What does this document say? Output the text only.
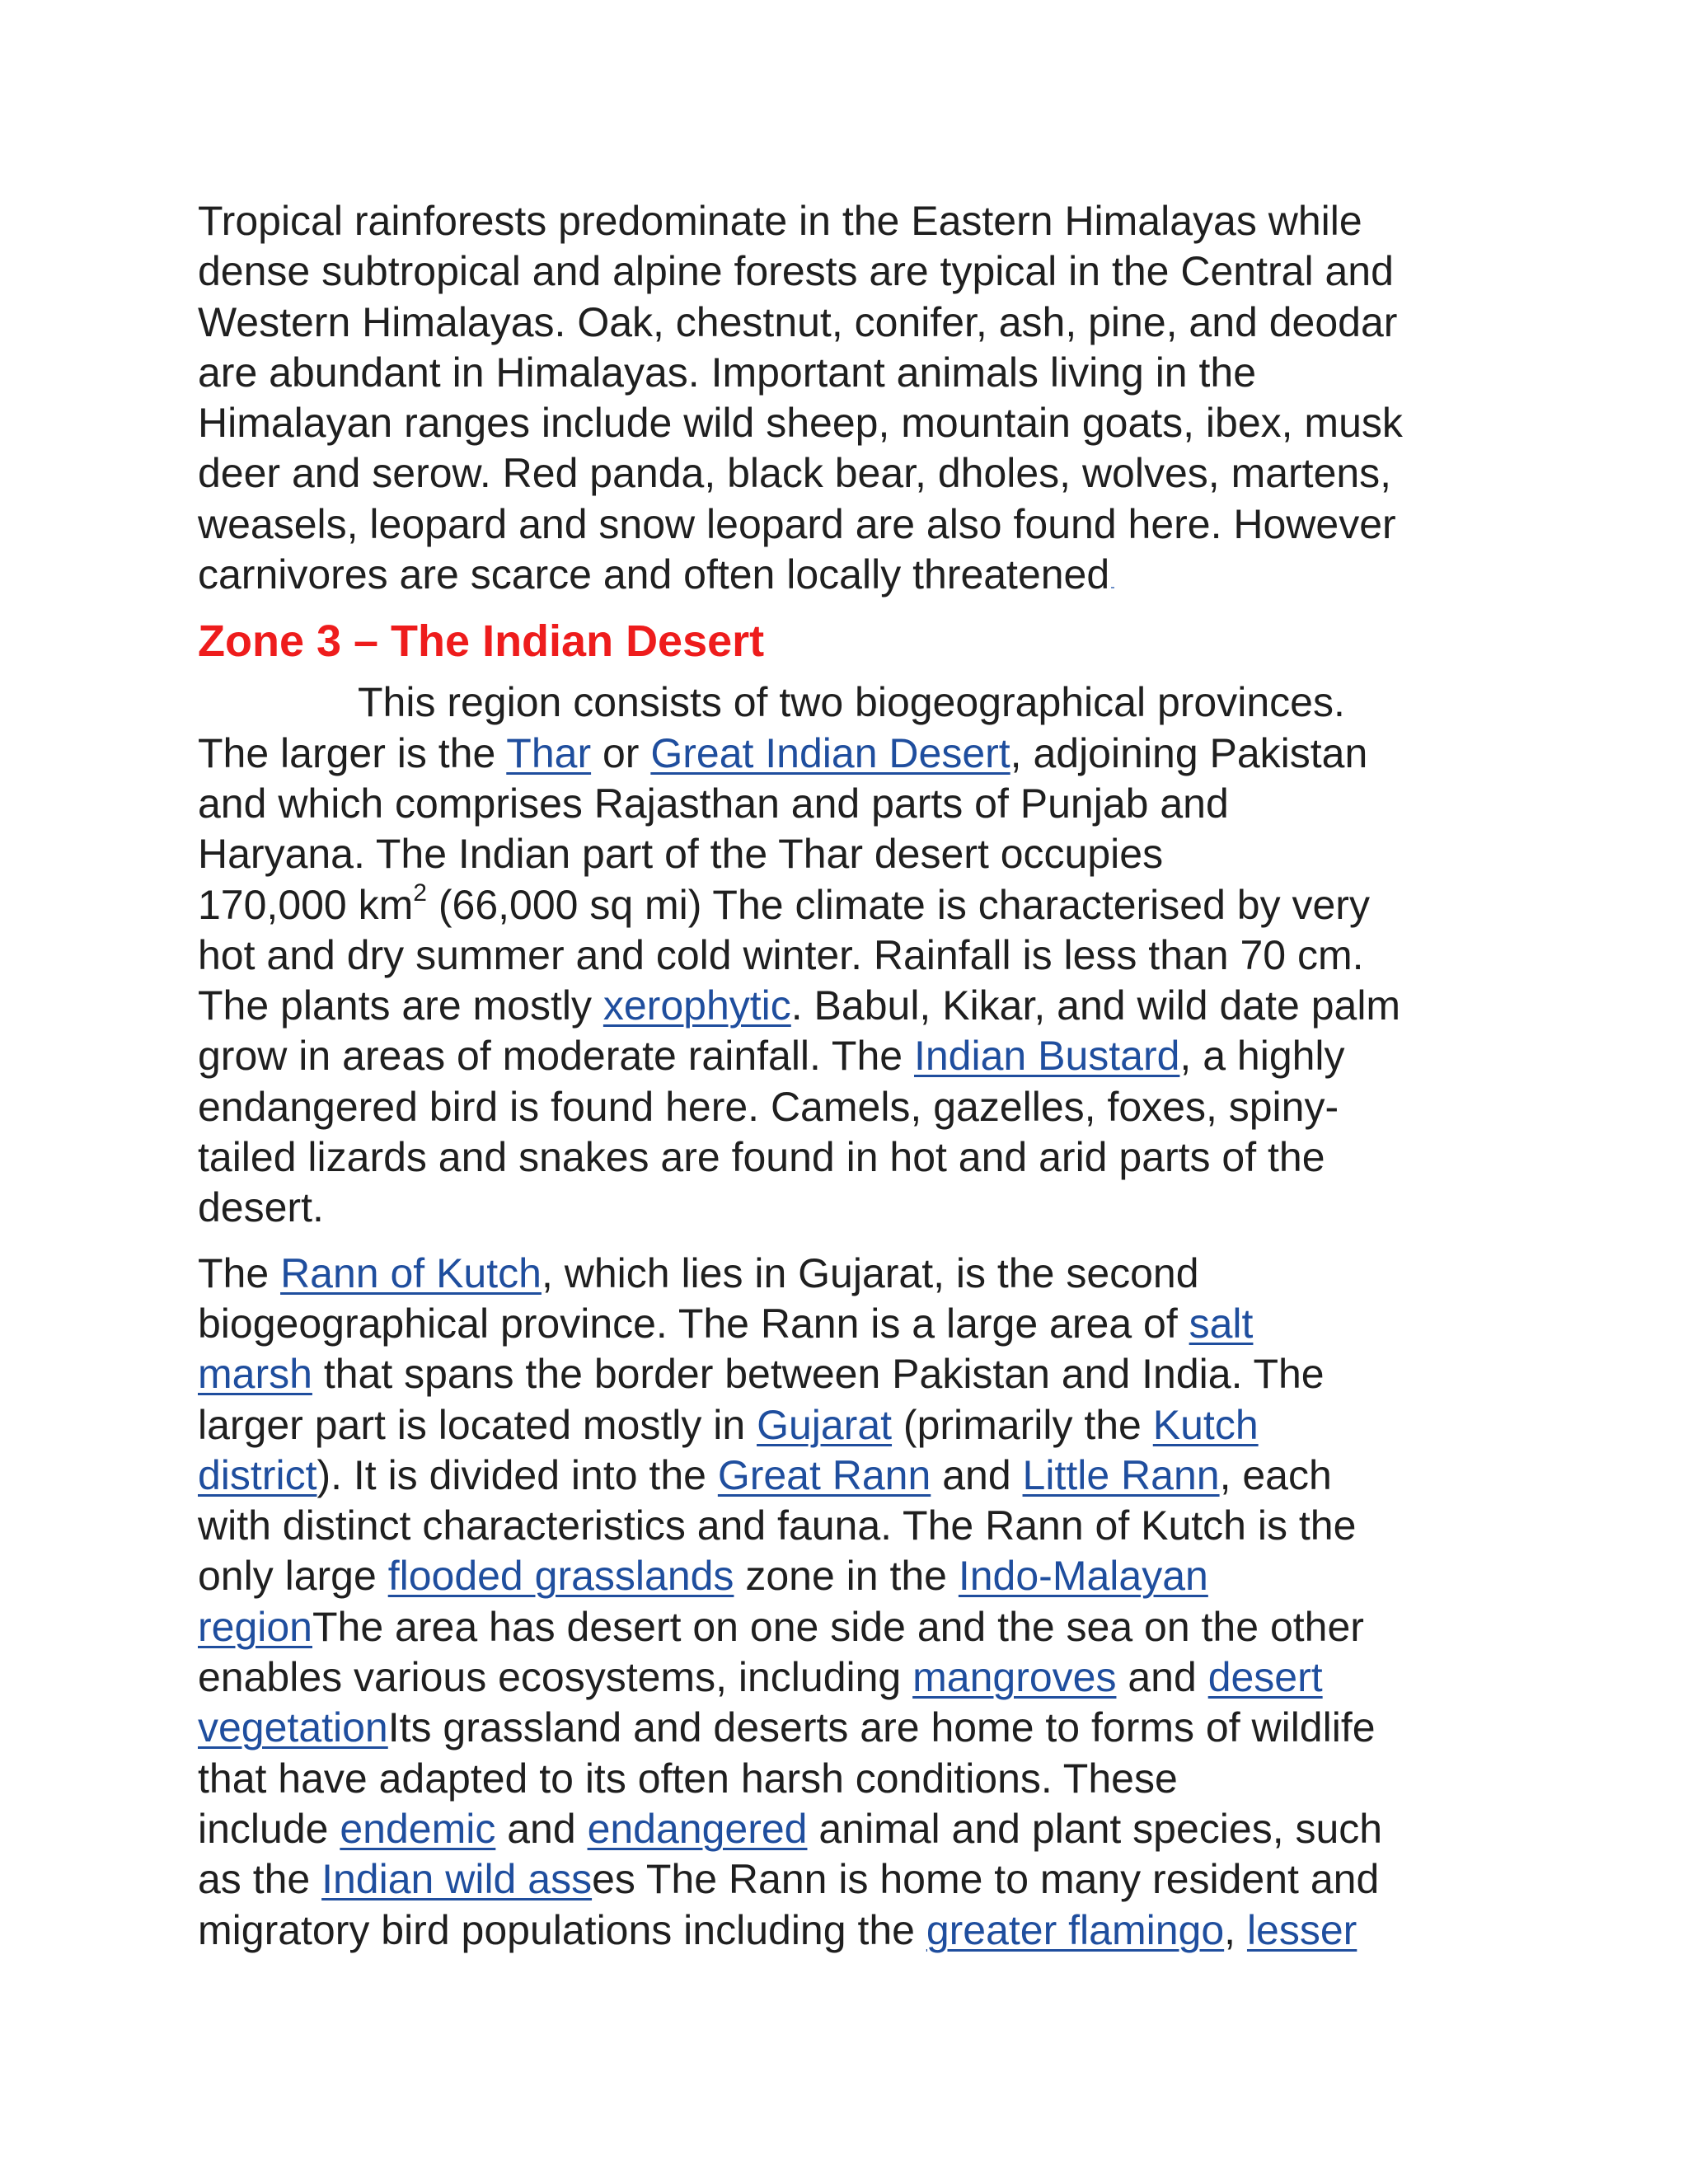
Tropical rainforests predominate in the Eastern Himalayas while
dense subtropical and alpine forests are typical in the Central and
Western Himalayas. Oak, chestnut, conifer, ash, pine, and deodar
are abundant in Himalayas. Important animals living in the
Himalayan ranges include wild sheep, mountain goats, ibex, musk
deer and serow. Red panda, black bear, dholes, wolves, martens,
weasels, leopard and snow leopard are also found here. However
carnivores are scarce and often locally threatened

Zone 3 – The Indian Desert

This region consists of two biogeographical provinces.
The larger is the Thar or Great Indian Desert, adjoining Pakistan
and which comprises Rajasthan and parts of Punjab and
Haryana. The Indian part of the Thar desert occupies
170,000 $km^2$ (66,000 sq mi) The climate is characterised by very
hot and dry summer and cold winter. Rainfall is less than 70 cm.
The plants are mostly xerophytic. Babul, Kikar, and wild date palm
grow in areas of moderate rainfall. The Indian Bustard, a highly
endangered bird is found here. Camels, gazelles, foxes, spiny-
tailed lizards and snakes are found in hot and arid parts of the
desert.

The Rann of Kutch, which lies in Gujarat, is the second
biogeographical province. The Rann is a large area of salt
marsh that spans the border between Pakistan and India. The
larger part is located mostly in Gujarat (primarily the Kutch
district). It is divided into the Great Rann and Little Rann, each
with distinct characteristics and fauna. The Rann of Kutch is the
only large flooded grasslands zone in the Indo-Malayan
regionThe area has desert on one side and the sea on the other
enables various ecosystems, including mangroves and desert
vegetationIts grassland and deserts are home to forms of wildlife
that have adapted to its often harsh conditions. These
include endemic and endangered animal and plant species, such
as the Indian wild asses The Rann is home to many resident and
migratory bird populations including the greater flamingo, lesser
